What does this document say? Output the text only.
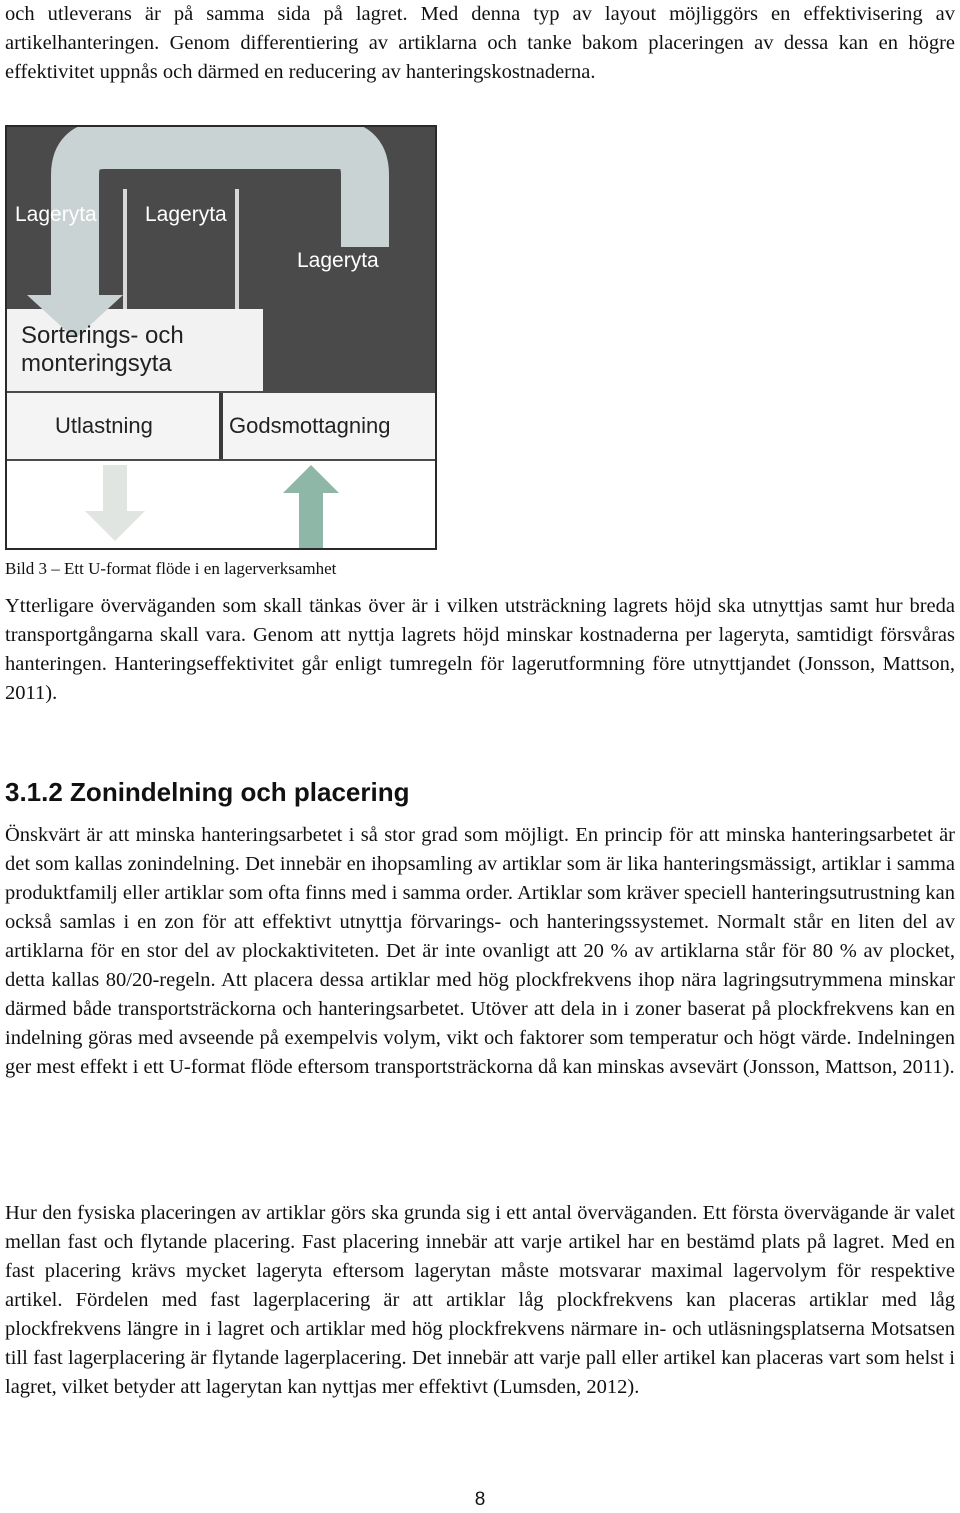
och utleverans är på samma sida på lagret. Med denna typ av layout möjliggörs en effektivisering av artikelhanteringen. Genom differentiering av artiklarna och tanke bakom placeringen av dessa kan en högre effektivitet uppnås och därmed en reducering av hanteringskostnaderna.

Lageryta Lageryta
Lageryta
Sorterings- och
monteringsyta
Utlastning	Godsmottagning

Bild 3 – Ett U-format flöde i en lagerverksamhet

Ytterligare överväganden som skall tänkas över är i vilken utsträckning lagrets höjd ska utnyttjas samt hur breda transportgångarna skall vara. Genom att nyttja lagrets höjd minskar kostnaderna per lageryta, samtidigt försvåras hanteringen. Hanteringseffektivitet går enligt tumregeln för lagerutformning före utnyttjandet (Jonsson, Mattson, 2011).

3.1.2 Zonindelning och placering

Önskvärt är att minska hanteringsarbetet i så stor grad som möjligt. En princip för att minska hanteringsarbetet är det som kallas zonindelning. Det innebär en ihopsamling av artiklar som är lika hanteringsmässigt, artiklar i samma produktfamilj eller artiklar som ofta finns med i samma order. Artiklar som kräver speciell hanteringsutrustning kan också samlas i en zon för att effektivt utnyttja förvarings- och hanteringssystemet. Normalt står en liten del av artiklarna för en stor del av plockaktiviteten. Det är inte ovanligt att 20 % av artiklarna står för 80 % av plocket, detta kallas 80/20-regeln. Att placera dessa artiklar med hög plockfrekvens ihop nära lagringsutrymmena minskar därmed både transportsträckorna och hanteringsarbetet. Utöver att dela in i zoner baserat på plockfrekvens kan en indelning göras med avseende på exempelvis volym, vikt och faktorer som temperatur och högt värde. Indelningen ger mest effekt i ett U-format flöde eftersom transportsträckorna då kan minskas avsevärt (Jonsson, Mattson, 2011).

Hur den fysiska placeringen av artiklar görs ska grunda sig i ett antal överväganden. Ett första övervägande är valet mellan fast och flytande placering. Fast placering innebär att varje artikel har en bestämd plats på lagret. Med en fast placering krävs mycket lageryta eftersom lagerytan måste motsvarar maximal lagervolym för respektive artikel. Fördelen med fast lagerplacering är att artiklar låg plockfrekvens kan placeras artiklar med låg plockfrekvens längre in i lagret och artiklar med hög plockfrekvens närmare in- och utläsningsplatserna Motsatsen till fast lagerplacering är flytande lagerplacering. Det innebär att varje pall eller artikel kan placeras vart som helst i lagret, vilket betyder att lagerytan kan nyttjas mer effektivt (Lumsden, 2012).

8
